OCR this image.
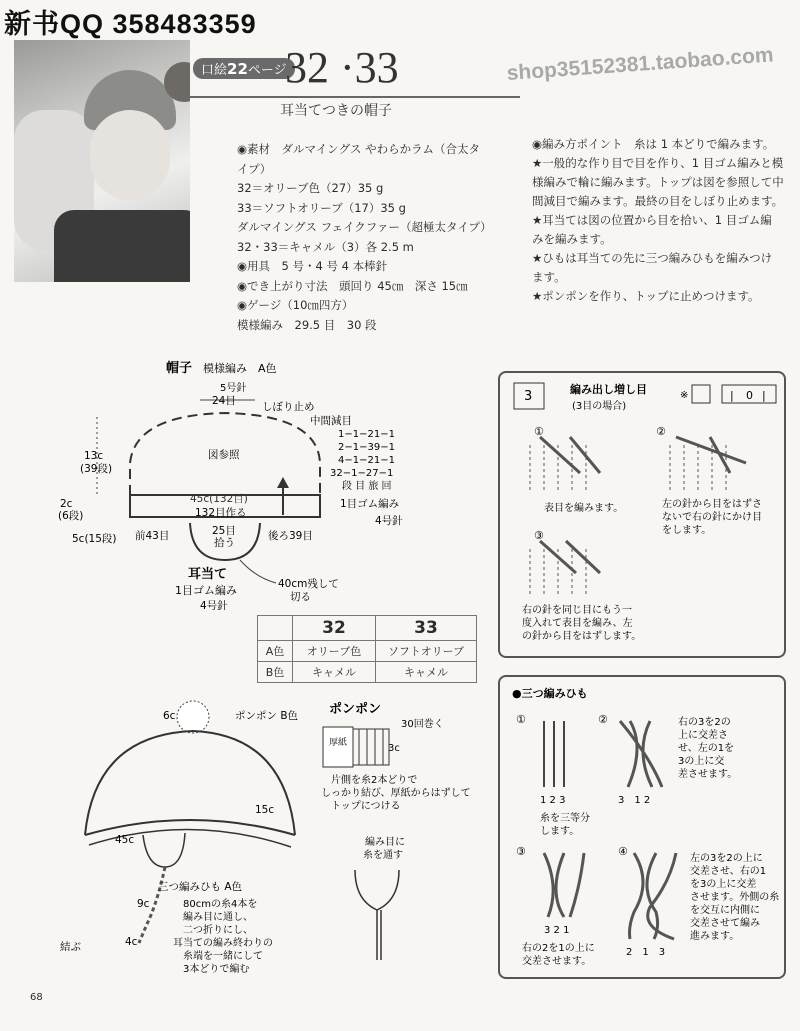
新书QQ 358483359
shop35152381.taobao.com
口絵22ページ
32 ·33
耳当てつきの帽子
◉素材　ダルマイングス やわらかラム（合太タ
イプ）
32＝オリーブ色（27）35 g
33＝ソフトオリーブ（17）35 g
ダルマイングス フェイクファー（超極太タイプ）
32・33＝キャメル（3）各 2.5 m
◉用具　5 号・4 号 4 本棒針
◉でき上がり寸法　頭回り 45㎝　深さ 15㎝
◉ゲージ（10㎝四方）
模様編み　29.5 目　30 段
◉編み方ポイント　糸は 1 本どりで編みます。
★一般的な作り目で目を作り、1 目ゴム編みと模
様編みで輪に編みます。トップは図を参照して中
間減目で編みます。最終の目をしぼり止めます。
★耳当ては図の位置から目を拾い、1 目ゴム編
みを編みます。
★ひもは耳当ての先に三つ編みひもを編みつけ
ます。
★ポンポンを作り、トップに止めつけます。
帽子 模様編み　A色
5号針
24目 しぼり止め
中間減目
図参照
1−1−21−1
2−1−39−1
4−1−21−1
32−1−27−1
段 目 旅 回
13c
(39段)
45c(132目)
132目作る
1目ゴム編み
4号針
2c
(6段)
5c(15段) 前43目	後ろ39目
25目
拾う
耳当て
1目ゴム編み
4号針
40cm残して
切る
	32	33
A色	オリーブ色	ソフトオリーブ
B色	キャメル	キャメル
6c	ポンポン B色
15c
45c
三つ編みひも A色
9c
4c
結ぶ
80cmの糸4本を
編み目に通し、
二つ折りにし、
耳当ての編み終わりの
糸端を一緒にして
3本どりで編む
ポンポン
30回巻く
厚紙	3c
片側を糸2本どりで
しっかり結び、厚紙からはずして
トップにつける
編み目に
糸を通す
3	編み出し増し目
(3目の場合)
※	| 0 |
①
表目を編みます。
②
左の針から目をはずさ
ないで右の針にかけ目
をします。
③
右の針を同じ目にもう一
度入れて表目を編み、左
の針から目をはずします。
●三つ編みひも
①
1 2 3
糸を三等分
します。
②
3　1 2
右の3を2の
上に交差さ
せ、左の1を
3の上に交
差させます。
③
3 2 1
右の2を1の上に
交差させます。
④
2　1　3
左の3を2の上に
交差させ、右の1
を3の上に交差
させます。外側の糸
を交互に内側に
交差させて編み
進みます。
68
